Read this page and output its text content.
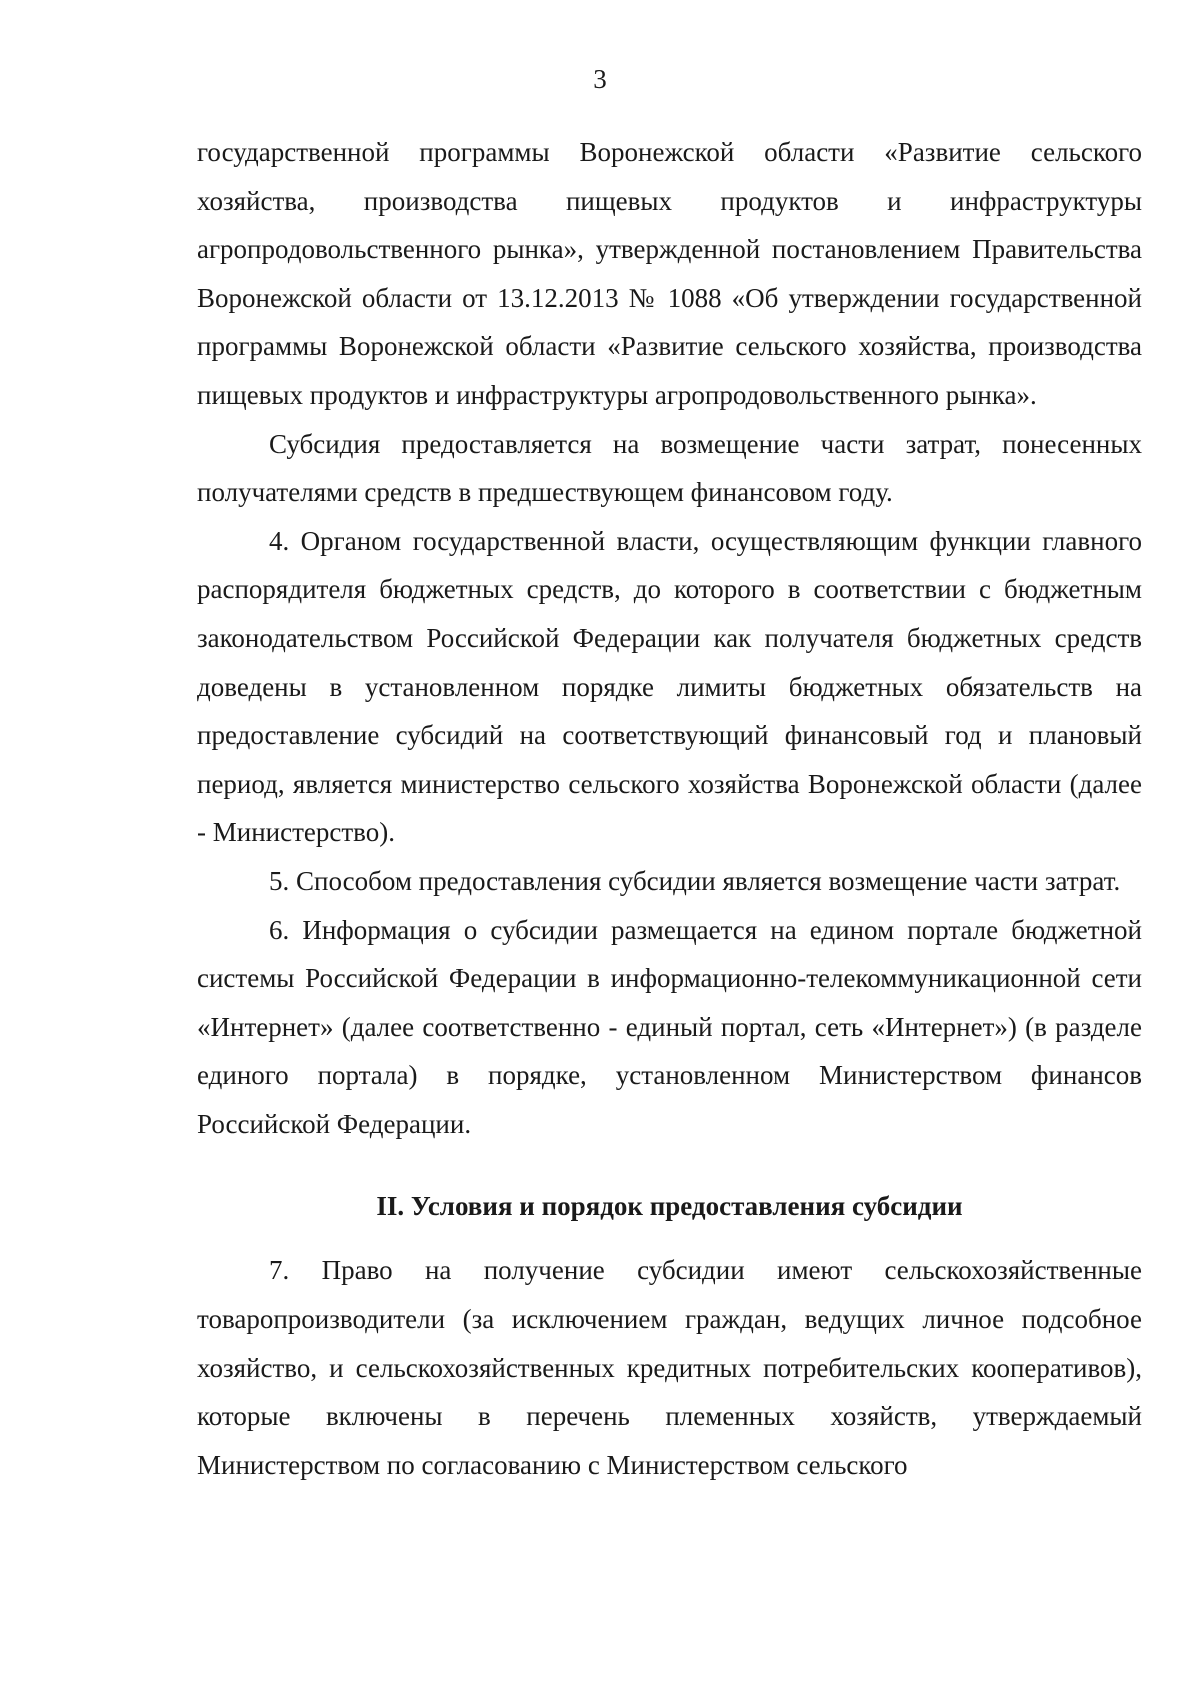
3

государственной программы Воронежской области «Развитие сельского хозяйства, производства пищевых продуктов и инфраструктуры агропродовольственного рынка», утвержденной постановлением Правительства Воронежской области от 13.12.2013 № 1088 «Об утверждении государственной программы Воронежской области «Развитие сельского хозяйства, производства пищевых продуктов и инфраструктуры агропродовольственного рынка».

Субсидия предоставляется на возмещение части затрат, понесенных получателями средств в предшествующем финансовом году.

4. Органом государственной власти, осуществляющим функции главного распорядителя бюджетных средств, до которого в соответствии с бюджетным законодательством Российской Федерации как получателя бюджетных средств доведены в установленном порядке лимиты бюджетных обязательств на предоставление субсидий на соответствующий финансовый год и плановый период, является министерство сельского хозяйства Воронежской области (далее - Министерство).

5. Способом предоставления субсидии является возмещение части затрат.

6. Информация о субсидии размещается на едином портале бюджетной системы Российской Федерации в информационно-телекоммуникационной сети «Интернет» (далее соответственно - единый портал, сеть «Интернет») (в разделе единого портала) в порядке, установленном Министерством финансов Российской Федерации.

II. Условия и порядок предоставления субсидии

7. Право на получение субсидии имеют сельскохозяйственные товаропроизводители (за исключением граждан, ведущих личное подсобное хозяйство, и сельскохозяйственных кредитных потребительских кооперативов), которые включены в перечень племенных хозяйств, утверждаемый Министерством по согласованию с Министерством сельского
